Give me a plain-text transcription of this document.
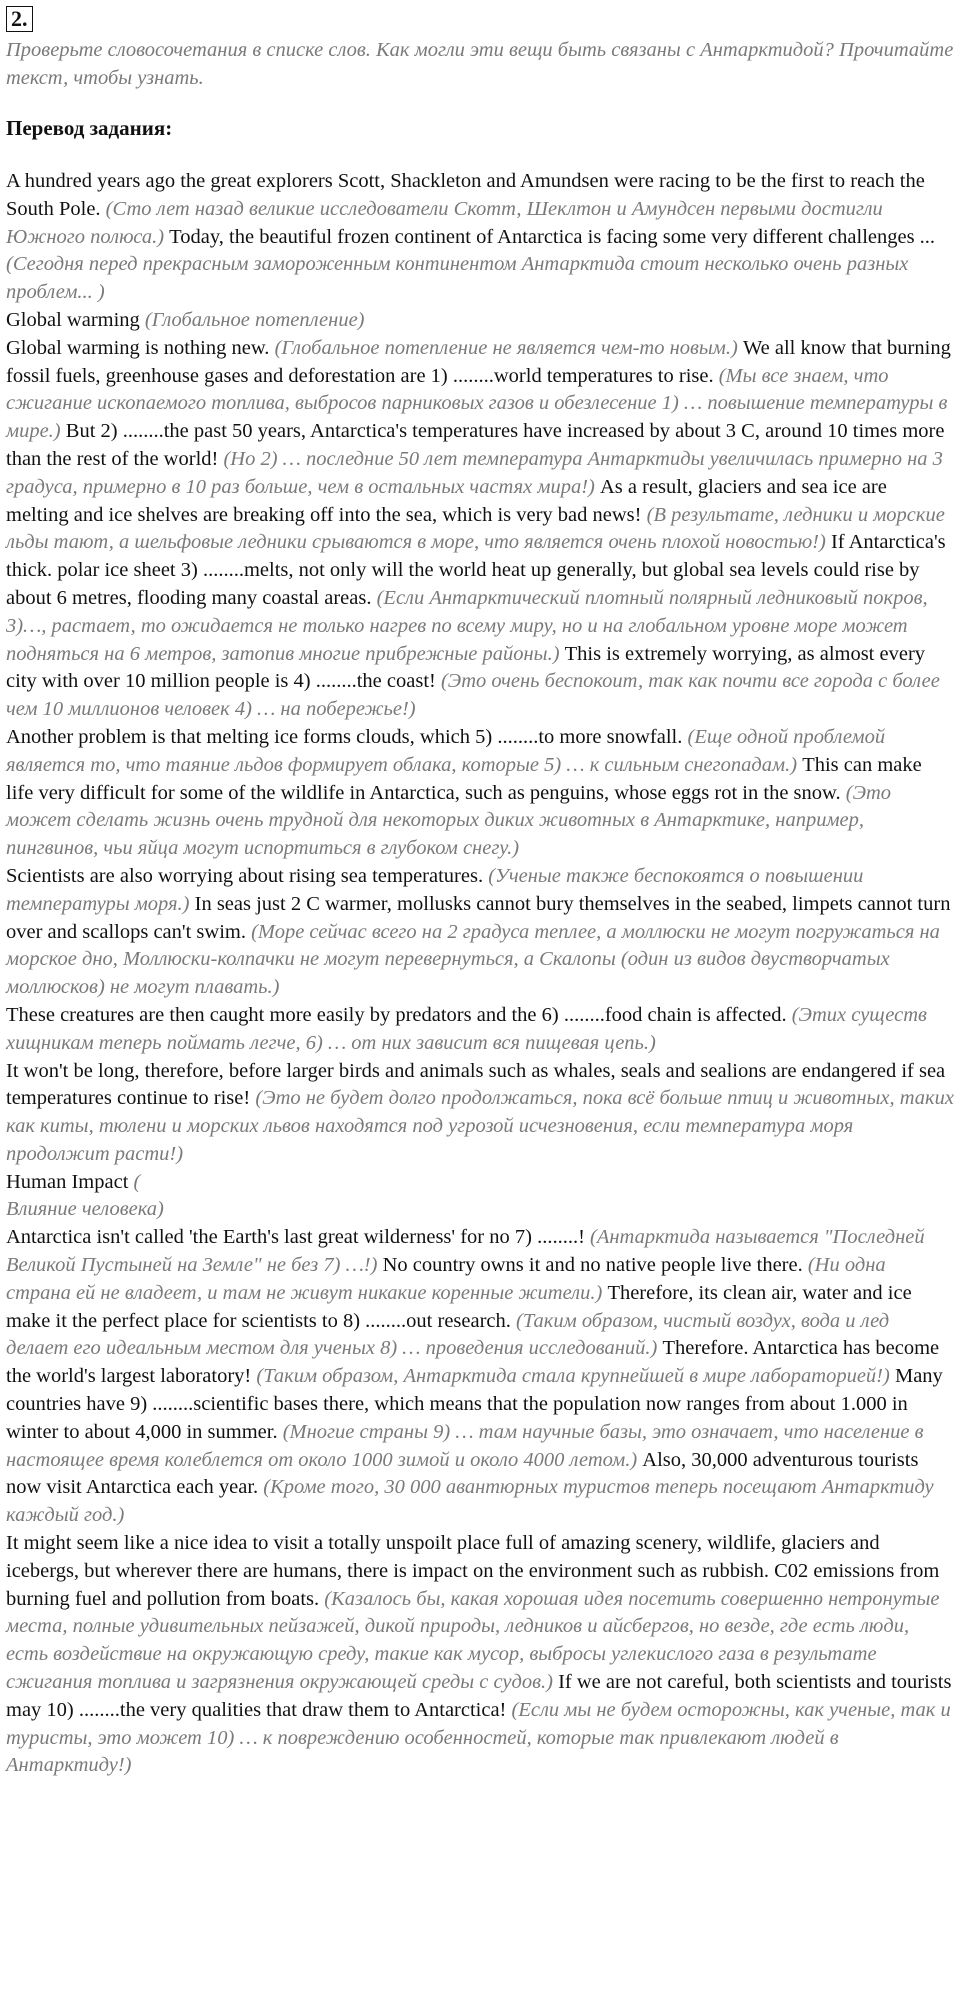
2.

Проверьте словосочетания в списке слов. Как могли эти вещи быть связаны с Антарктидой? Прочитайте текст, чтобы узнать.

Перевод задания:

A hundred years ago the great explorers Scott, Shackleton and Amundsen were racing to be the first to reach the South Pole. (Сто лет назад великие исследователи Скотт, Шеклтон и Амундсен первыми достигли Южного полюса.) Today, the beautiful frozen continent of Antarctica is facing some very different challenges ... (Сегодня перед прекрасным замороженным континентом Антарктида стоит несколько очень разных проблем... )

Global warming (Глобальное потепление)

Global warming is nothing new. (Глобальное потепление не является чем-то новым.) We all know that burning fossil fuels, greenhouse gases and deforestation are 1) ........world temperatures to rise. (Мы все знаем, что сжигание ископаемого топлива, выбросов парниковых газов и обезлесение 1) … повышение температуры в мире.) But 2) ........the past 50 years, Antarctica's temperatures have increased by about 3 C, around 10 times more than the rest of the world! (Но 2) … последние 50 лет температура Антарктиды увеличилась примерно на 3 градуса, примерно в 10 раз больше, чем в остальных частях мира!) As a result, glaciers and sea ice are melting and ice shelves are breaking off into the sea, which is very bad news! (В результате, ледники и морские льды тают, а шельфовые ледники срываются в море, что является очень плохой новостью!) If Antarctica's thick. polar ice sheet 3) ........melts, not only will the world heat up generally, but global sea levels could rise by about 6 metres, flooding many coastal areas. (Если Антарктический плотный полярный ледниковый покров, 3)…, растает, то ожидается не только нагрев по всему миру, но и на глобальном уровне море может подняться на 6 метров, затопив многие прибрежные районы.) This is extremely worrying, as almost every city with over 10 million people is 4) ........the coast! (Это очень беспокоит, так как почти все города с более чем 10 миллионов человек 4) … на побережье!)

Another problem is that melting ice forms clouds, which 5) ........to more snowfall. (Еще одной проблемой является то, что таяние льдов формирует облака, которые 5) … к сильным снегопадам.) This can make life very difficult for some of the wildlife in Antarctica, such as penguins, whose eggs rot in the snow. (Это может сделать жизнь очень трудной для некоторых диких животных в Антарктике, например, пингвинов, чьи яйца могут испортиться в глубоком снегу.)

Scientists are also worrying about rising sea temperatures. (Ученые также беспокоятся о повышении температуры моря.) In seas just 2 C warmer, mollusks cannot bury themselves in the seabed, limpets cannot turn over and scallops can't swim. (Море сейчас всего на 2 градуса теплее, а моллюски не могут погружаться на морское дно, Моллюски-колпачки не могут перевернуться, а Скалопы (один из видов двустворчатых моллюсков) не могут плавать.)

These creatures are then caught more easily by predators and the 6) ........food chain is affected. (Этих существ хищникам теперь поймать легче, 6) … от них зависит вся пищевая цепь.)

It won't be long, therefore, before larger birds and animals such as whales, seals and sealions are endangered if sea temperatures continue to rise! (Это не будет долго продолжаться, пока всё больше птиц и животных, таких как киты, тюлени и морских львов находятся под угрозой исчезновения, если температура моря продолжит расти!)

Human Impact (

Влияние человека)

Antarctica isn't called 'the Earth's last great wilderness' for no 7) ........! (Антарктида называется "Последней Великой Пустыней на Земле" не без 7) …!) No country owns it and no native people live there. (Ни одна страна ей не владеет, и там не живут никакие коренные жители.) Therefore, its clean air, water and ice make it the perfect place for scientists to 8) ........out research. (Таким образом, чистый воздух, вода и лед делает его идеальным местом для ученых 8) … проведения исследований.) Therefore. Antarctica has become the world's largest laboratory! (Таким образом, Антарктида стала крупнейшей в мире лабораторией!) Many countries have 9) ........scientific bases there, which means that the population now ranges from about 1.000 in winter to about 4,000 in summer. (Многие страны 9) … там научные базы, это означает, что население в настоящее время колеблется от около 1000 зимой и около 4000 летом.) Also, 30,000 adventurous tourists now visit Antarctica each year. (Кроме того, 30 000 авантюрных туристов теперь посещают Антарктиду каждый год.)

It might seem like a nice idea to visit a totally unspoilt place full of amazing scenery, wildlife, glaciers and icebergs, but wherever there are humans, there is impact on the environment such as rubbish. C02 emissions from burning fuel and pollution from boats. (Казалось бы, какая хорошая идея посетить совершенно нетронутые места, полные удивительных пейзажей, дикой природы, ледников и айсбергов, но везде, где есть люди, есть воздействие на окружающую среду, такие как мусор, выбросы углекислого газа в результате сжигания топлива и загрязнения окружающей среды с судов.) If we are not careful, both scientists and tourists may 10) ........the very qualities that draw them to Antarctica! (Если мы не будем осторожны, как ученые, так и туристы, это может 10) … к повреждению особенностей, которые так привлекают людей в Антарктиду!)
